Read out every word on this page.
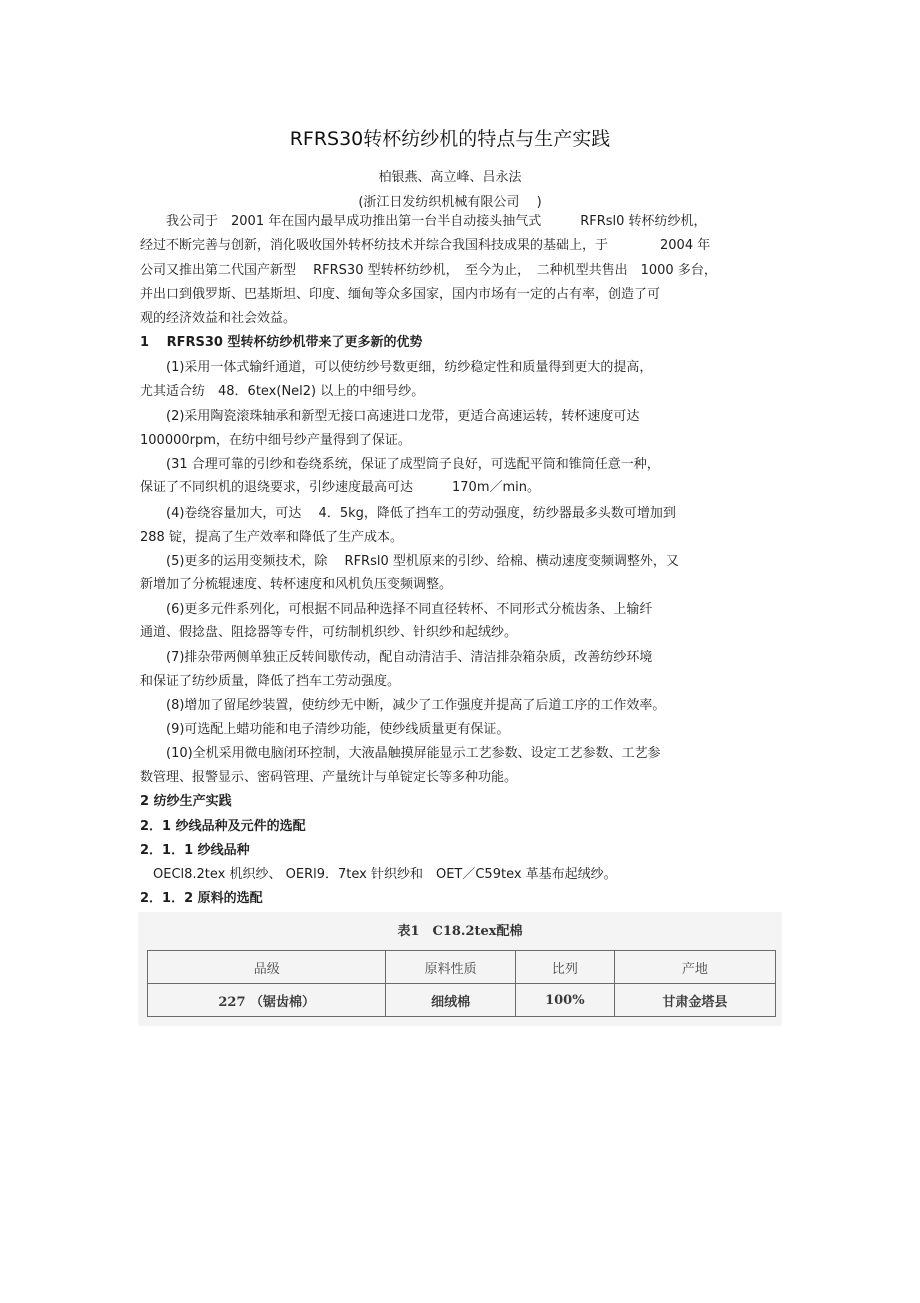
RFRS30转杯纺纱机的特点与生产实践
柏银燕、高立峰、吕永法
(浙江日发纺织机械有限公司　 )
　　我公司于　2001 年在国内最早成功推出第一台半自动接头抽气式　　　RFRsl0 转杯纺纱机，
经过不断完善与创新，消化吸收国外转杯纺技术并综合我国科技成果的基础上，于　　　　2004 年
公司又推出第二代国产新型　 RFRS30 型转杯纺纱机，　至今为止，　二种机型共售出　1000 多台，
并出口到俄罗斯、巴基斯坦、印度、缅甸等众多国家，国内市场有一定的占有率，创造了可
观的经济效益和社会效益。
1　 RFRS30 型转杯纺纱机带来了更多新的优势
　　(1)采用一体式输纤通道，可以使纺纱号数更细，纺纱稳定性和质量得到更大的提高，
尤其适合纺　48．6tex(Nel2) 以上的中细号纱。
　　(2)采用陶瓷滚珠轴承和新型无接口高速进口龙带，更适合高速运转，转杯速度可达
100000rpm，在纺中细号纱产量得到了保证。
　　(31 合理可靠的引纱和卷绕系统，保证了成型筒子良好，可选配平筒和锥筒任意一种，
保证了不同织机的退绕要求，引纱速度最高可达　　　170m／min。
　　(4)卷绕容量加大，可达　 4．5kg，降低了挡车工的劳动强度，纺纱器最多头数可增加到
288 锭，提高了生产效率和降低了生产成本。
　　(5)更多的运用变频技术，除　 RFRsl0 型机原来的引纱、给棉、横动速度变频调整外，又
新增加了分梳辊速度、转杯速度和风机负压变频调整。
　　(6)更多元件系列化，可根据不同品种选择不同直径转杯、不同形式分梳齿条、上输纤
通道、假捻盘、阻捻器等专件，可纺制机织纱、针织纱和起绒纱。
　　(7)排杂带两侧单独正反转间歇传动，配自动清洁手、清洁排杂箱杂质，改善纺纱环境
和保证了纺纱质量，降低了挡车工劳动强度。
　　(8)增加了留尾纱装置，使纺纱无中断，减少了工作强度并提高了后道工序的工作效率。
　　(9)可选配上蜡功能和电子清纱功能，使纱线质量更有保证。
　　(10)全机采用微电脑闭环控制，大液晶触摸屏能显示工艺参数、设定工艺参数、工艺参
数管理、报警显示、密码管理、产量统计与单锭定长等多种功能。
2 纺纱生产实践
2．1 纱线品种及元件的选配
2．1．1 纱线品种
　OECl8.2tex 机织纱、 OERl9．7tex 针织纱和　OET／C59tex 革基布起绒纱。
2．1．2 原料的选配
表1　C18.2tex配棉
品级	原料性质	比列	产地
227 （锯齿棉）	细绒棉	100%	甘肃金塔县
